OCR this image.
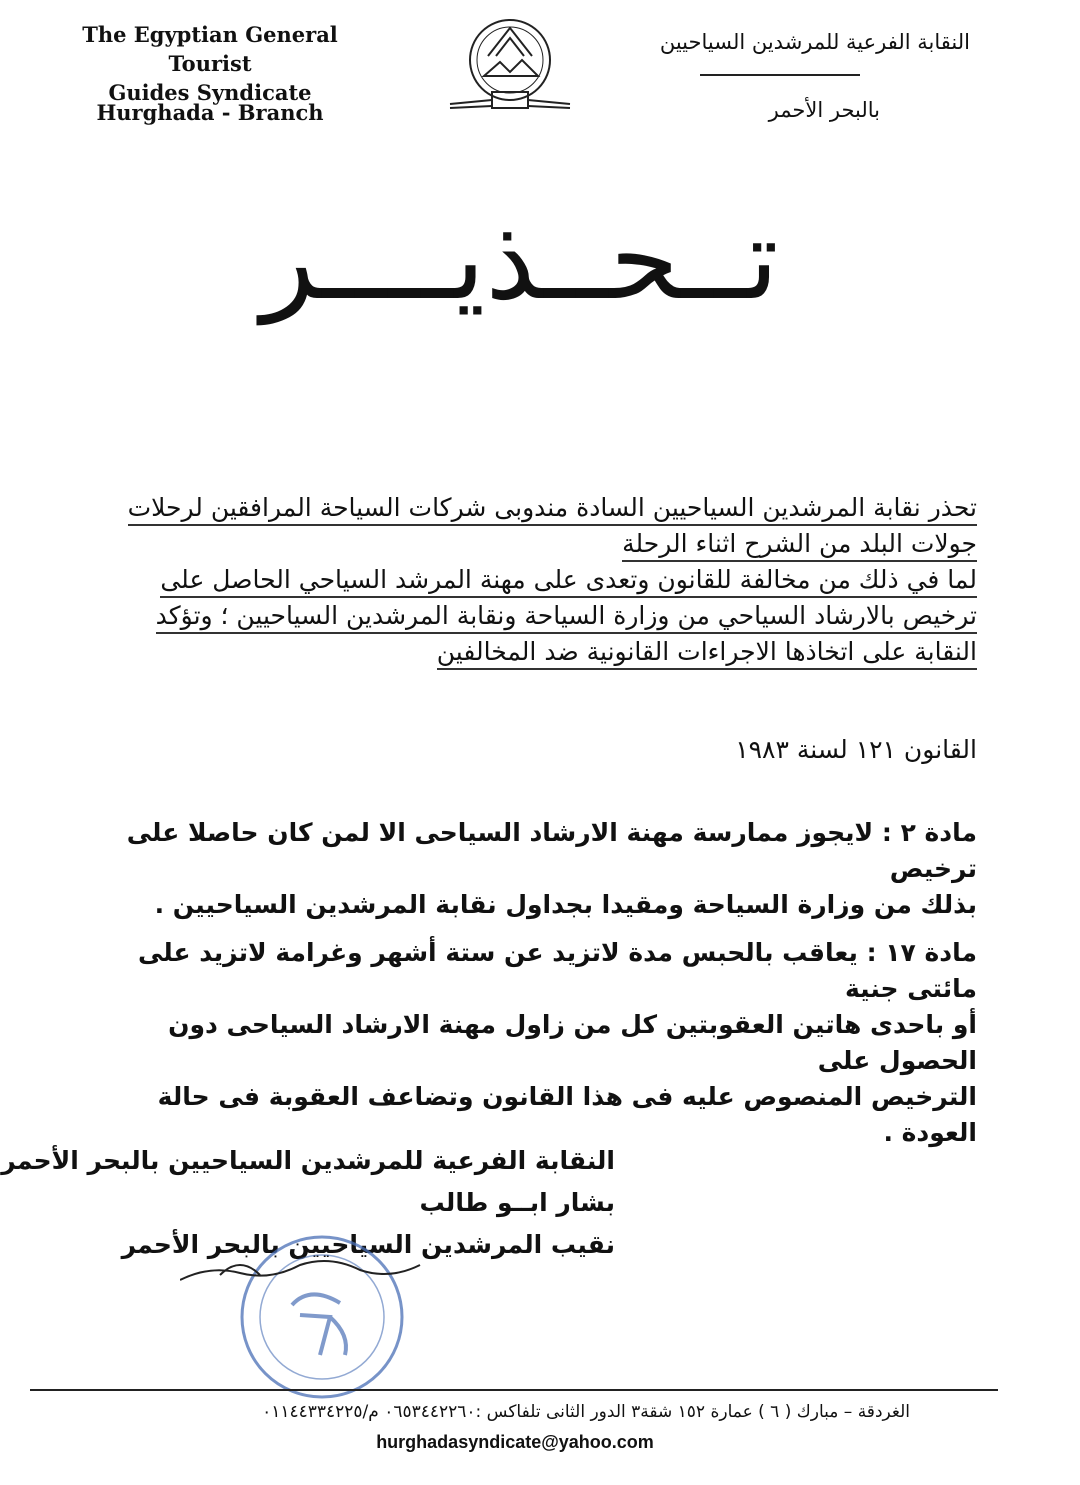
The Egyptian General Tourist
Guides Syndicate
Hurghada - Branch
النقابة الفرعية للمرشدين السياحيين
بالبحر الأحمر
تــحــذيــــر
تحذر نقابة المرشدين السياحيين السادة مندوبى شركات السياحة المرافقين لرحلات
جولات البلد من الشرح اثناء الرحلة
لما في ذلك من مخالفة للقانون وتعدى على مهنة المرشد السياحي الحاصل على
ترخيص بالارشاد السياحي من وزارة السياحة ونقابة المرشدين السياحيين ؛ وتؤكد
النقابة على اتخاذها الاجراءات القانونية ضد المخالفين
القانون ١٢١ لسنة ١٩٨٣
مادة ٢ : لايجوز ممارسة مهنة الارشاد السياحى الا لمن كان حاصلا على ترخيص
بذلك من وزارة السياحة ومقيدا بجداول نقابة المرشدين السياحيين .
مادة ١٧ : يعاقب بالحبس مدة لاتزيد عن ستة أشهر وغرامة لاتزيد على مائتى جنية
أو باحدى هاتين العقوبتين كل من زاول مهنة الارشاد السياحى دون الحصول على
الترخيص المنصوص عليه فى هذا القانون وتضاعف العقوبة فى حالة العودة .
النقابة الفرعية للمرشدين السياحيين بالبحر الأحمر
بشار ابــو طالب
نقيب المرشدين السياحيين بالبحر الأحمر
الغردقة – مبارك ( ٦ ) عمارة ١٥٢ شقة٣ الدور الثانى تلفاكس :٠٦٥٣٤٤٢٢٦٠ م/٠١١٤٤٣٣٤٢٢٥
hurghadasyndicate@yahoo.com
